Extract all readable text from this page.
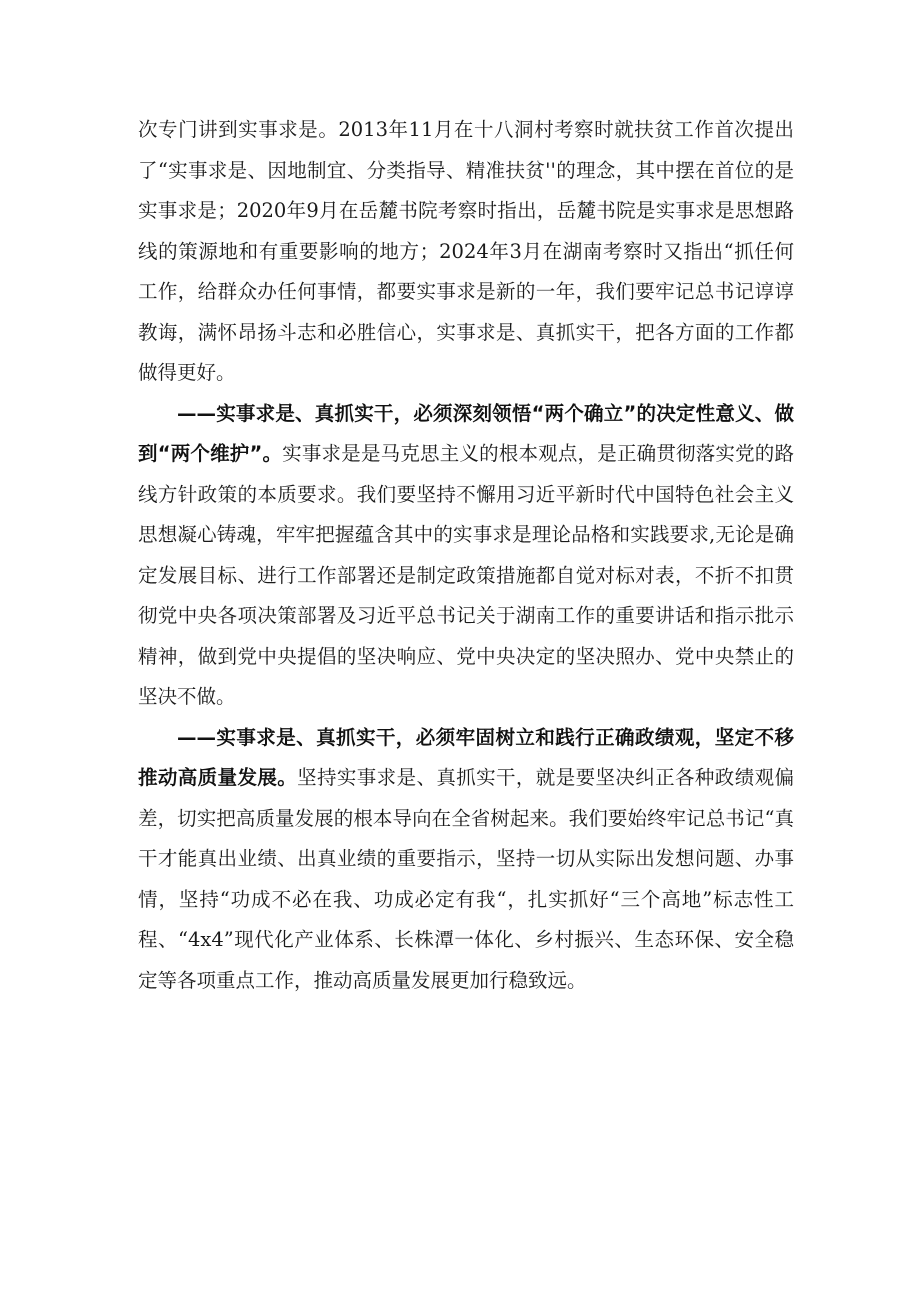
次专门讲到实事求是。2013年11月在十八洞村考察时就扶贫工作首次提出了“实事求是、因地制宜、分类指导、精准扶贫''的理念，其中摆在首位的是实事求是；2020年9月在岳麓书院考察时指出，岳麓书院是实事求是思想路线的策源地和有重要影响的地方；2024年3月在湖南考察时又指出“抓任何工作，给群众办任何事情，都要实事求是新的一年，我们要牢记总书记谆谆教诲，满怀昂扬斗志和必胜信心，实事求是、真抓实干，把各方面的工作都做得更好。

——实事求是、真抓实干，必须深刻领悟“两个确立”的决定性意义、做到“两个维护”。实事求是是马克思主义的根本观点，是正确贯彻落实党的路线方针政策的本质要求。我们要坚持不懈用习近平新时代中国特色社会主义思想凝心铸魂，牢牢把握蕴含其中的实事求是理论品格和实践要求,无论是确定发展目标、进行工作部署还是制定政策措施都自觉对标对表，不折不扣贯彻党中央各项决策部署及习近平总书记关于湖南工作的重要讲话和指示批示精神，做到党中央提倡的坚决响应、党中央决定的坚决照办、党中央禁止的坚决不做。

——实事求是、真抓实干，必须牢固树立和践行正确政绩观，坚定不移推动高质量发展。坚持实事求是、真抓实干，就是要坚决纠正各种政绩观偏差，切实把高质量发展的根本导向在全省树起来。我们要始终牢记总书记“真干才能真出业绩、出真业绩的重要指示，坚持一切从实际出发想问题、办事情，坚持“功成不必在我、功成必定有我“，扎实抓好“三个高地”标志性工程、“4x4”现代化产业体系、长株潭一体化、乡村振兴、生态环保、安全稳定等各项重点工作，推动高质量发展更加行稳致远。
